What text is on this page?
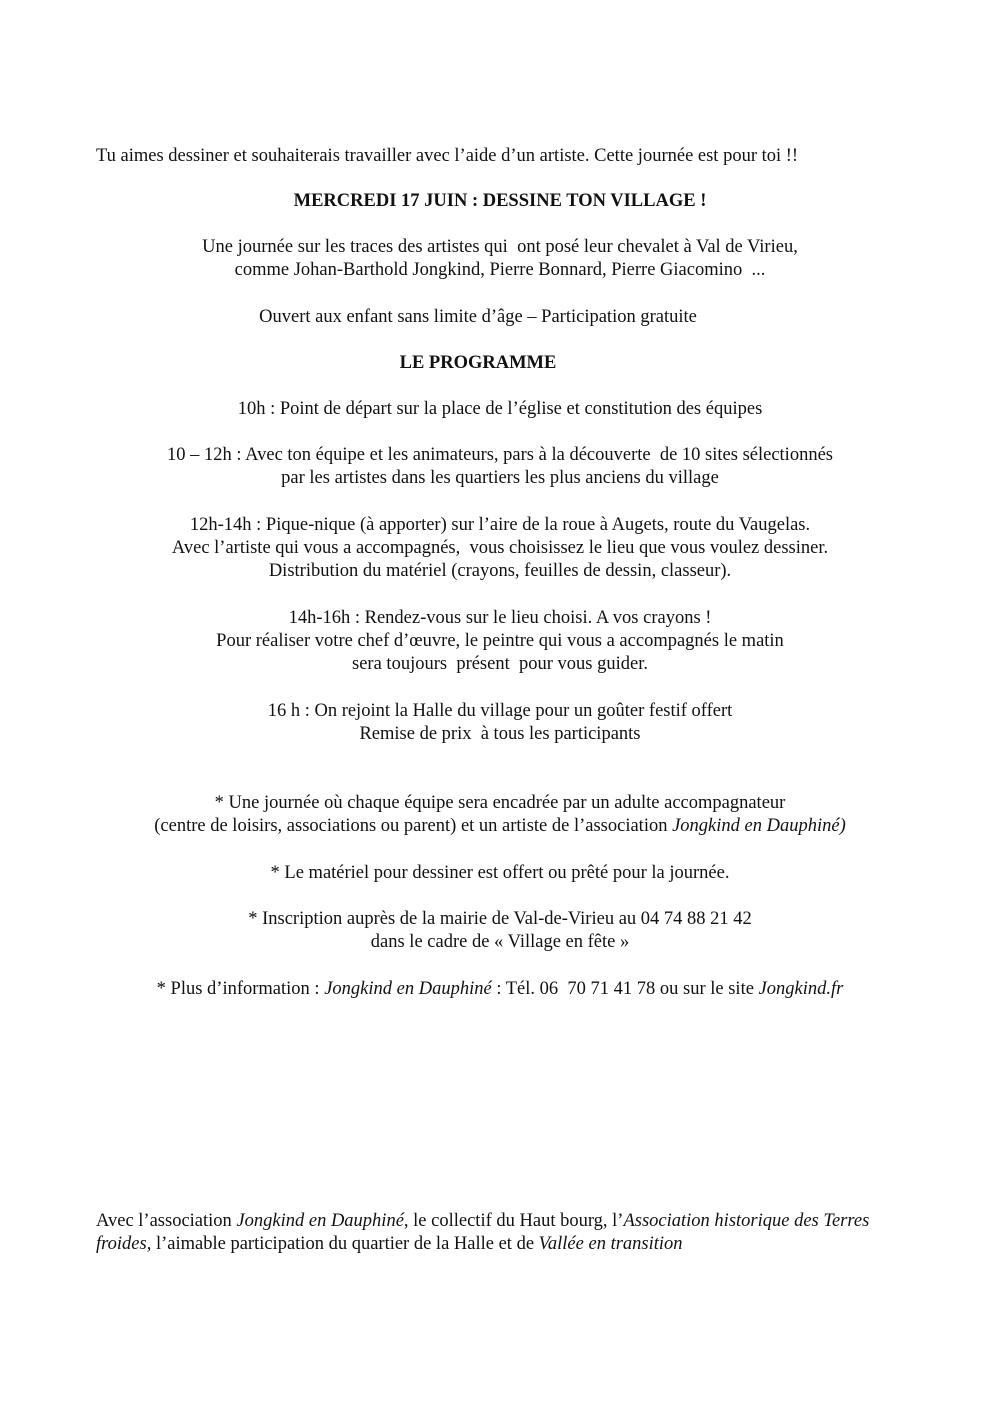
Tu aimes dessiner et souhaiterais travailler avec l’aide d’un artiste. Cette journée est pour toi !!

MERCREDI 17 JUIN : DESSINE TON VILLAGE !

Une journée sur les traces des artistes qui  ont posé leur chevalet à Val de Virieu,
comme Johan-Barthold Jongkind, Pierre Bonnard, Pierre Giacomino  ...

Ouvert aux enfant sans limite d’âge – Participation gratuite

LE PROGRAMME

10h : Point de départ sur la place de l’église et constitution des équipes
10 – 12h : Avec ton équipe et les animateurs, pars à la découverte  de 10 sites sélectionnés
par les artistes dans les quartiers les plus anciens du village
12h-14h : Pique-nique (à apporter) sur l’aire de la roue à Augets, route du Vaugelas.
Avec l’artiste qui vous a accompagnés,  vous choisissez le lieu que vous voulez dessiner.
Distribution du matériel (crayons, feuilles de dessin, classeur).
14h-16h : Rendez-vous sur le lieu choisi. A vos crayons !
Pour réaliser votre chef d’œuvre, le peintre qui vous a accompagnés le matin
sera toujours  présent  pour vous guider.
16 h : On rejoint la Halle du village pour un goûter festif offert
Remise de prix  à tous les participants
* Une journée où chaque équipe sera encadrée par un adulte accompagnateur
(centre de loisirs, associations ou parent) et un artiste de l’association Jongkind en Dauphiné)

* Le matériel pour dessiner est offert ou prêté pour la journée.

* Inscription auprès de la mairie de Val-de-Virieu au 04 74 88 21 42
dans le cadre de « Village en fête »

* Plus d’information : Jongkind en Dauphiné : Tél. 06  70 71 41 78 ou sur le site Jongkind.fr

Avec l’association Jongkind en Dauphiné, le collectif du Haut bourg, l’Association historique des Terres froides, l’aimable participation du quartier de la Halle et de Vallée en transition
